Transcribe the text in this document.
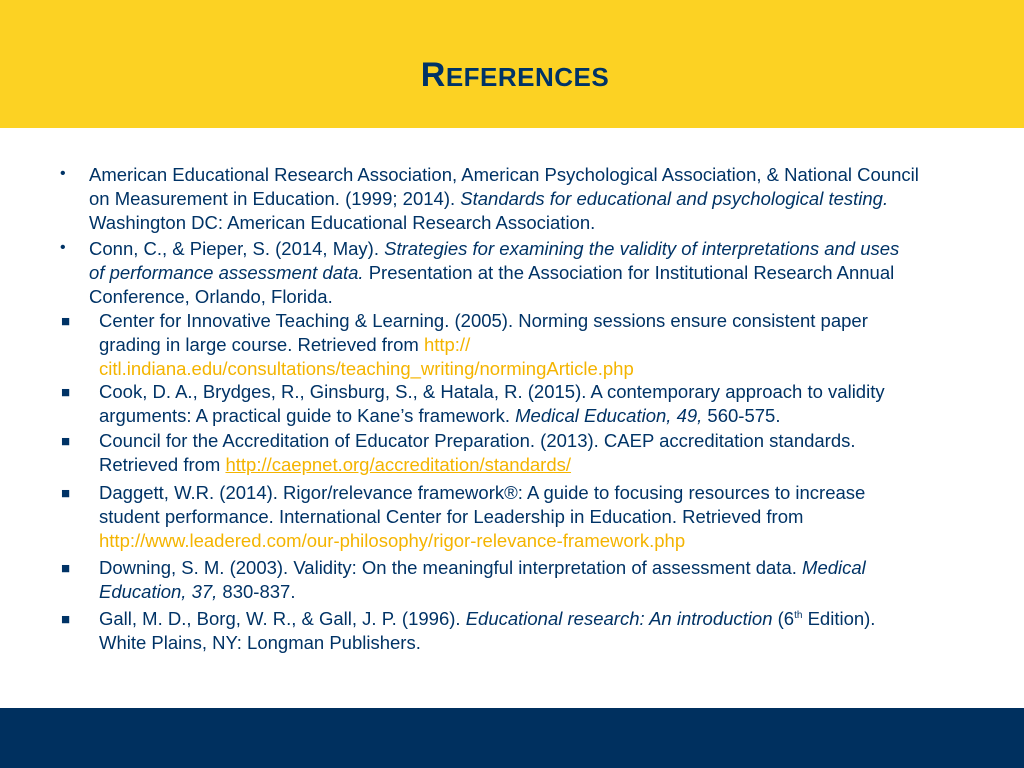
REFERENCES
• American Educational Research Association, American Psychological Association, & National Council on Measurement in Education. (1999; 2014). Standards for educational and psychological testing. Washington DC: American Educational Research Association.

• Conn, C., & Pieper, S. (2014, May). Strategies for examining the validity of interpretations and uses of performance assessment data. Presentation at the Association for Institutional Research Annual Conference, Orlando, Florida.

■ Center for Innovative Teaching & Learning. (2005). Norming sessions ensure consistent paper grading in large course. Retrieved from http:// citl.indiana.edu/consultations/teaching_writing/normingArticle.php

■ Cook, D. A., Brydges, R., Ginsburg, S., & Hatala, R. (2015). A contemporary approach to validity arguments: A practical guide to Kane’s framework. Medical Education, 49, 560-575.

■ Council for the Accreditation of Educator Preparation. (2013). CAEP accreditation standards. Retrieved from http://caepnet.org/accreditation/standards/

■ Daggett, W.R. (2014). Rigor/relevance framework®: A guide to focusing resources to increase student performance. International Center for Leadership in Education. Retrieved from http://www.leadered.com/our-philosophy/rigor-relevance-framework.php

■ Downing, S. M. (2003). Validity: On the meaningful interpretation of assessment data. Medical Education, 37, 830-837.

■ Gall, M. D., Borg, W. R., & Gall, J. P. (1996). Educational research: An introduction (6th Edition). White Plains, NY: Longman Publishers.
